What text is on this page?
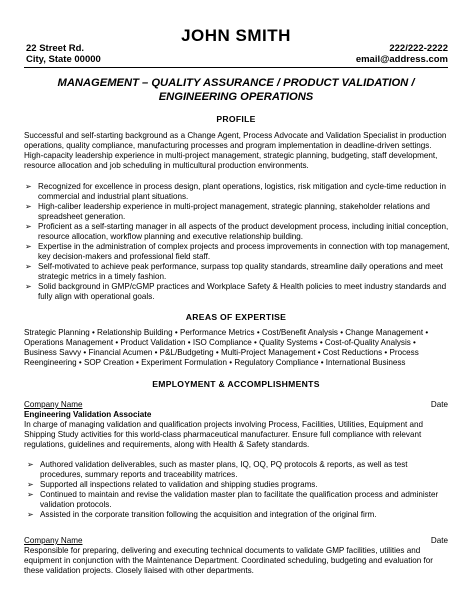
JOHN SMITH
22 Street Rd.
City, State 00000
222/222-2222
email@address.com
MANAGEMENT – QUALITY ASSURANCE / PRODUCT VALIDATION /
ENGINEERING OPERATIONS
PROFILE
Successful and self-starting background as a Change Agent, Process Advocate and Validation Specialist in production operations, quality compliance, manufacturing processes and program implementation in deadline-driven settings. High-capacity leadership experience in multi-project management, strategic planning, budgeting, staff development, resource allocation and job scheduling in multicultural production environments.
➢ Recognized for excellence in process design, plant operations, logistics, risk mitigation and cycle-time reduction in commercial and industrial plant situations.
➢ High-caliber leadership experience in multi-project management, strategic planning, stakeholder relations and spreadsheet generation.
➢ Proficient as a self-starting manager in all aspects of the product development process, including initial conception, resource allocation, workflow planning and executive relationship building.
➢ Expertise in the administration of complex projects and process improvements in connection with top management, key decision-makers and professional field staff.
➢ Self-motivated to achieve peak performance, surpass top quality standards, streamline daily operations and meet strategic metrics in a timely fashion.
➢ Solid background in GMP/cGMP practices and Workplace Safety & Health policies to meet industry standards and fully align with operational goals.
AREAS OF EXPERTISE
Strategic Planning • Relationship Building • Performance Metrics • Cost/Benefit Analysis • Change Management •
Operations Management • Product Validation • ISO Compliance • Quality Systems • Cost-of-Quality Analysis •
Business Savvy • Financial Acumen • P&L/Budgeting • Multi-Project Management • Cost Reductions • Process
Reengineering • SOP Creation • Experiment Formulation • Regulatory Compliance • International Business
EMPLOYMENT & ACCOMPLISHMENTS
Company Name	Date
Engineering Validation Associate
In charge of managing validation and qualification projects involving Process, Facilities, Utilities, Equipment and Shipping Study activities for this world-class pharmaceutical manufacturer. Ensure full compliance with relevant regulations, guidelines and requirements, along with Health & Safety standards.
➢ Authored validation deliverables, such as master plans, IQ, OQ, PQ protocols & reports, as well as test procedures, summary reports and traceability matrices.
➢ Supported all inspections related to validation and shipping studies programs.
➢ Continued to maintain and revise the validation master plan to facilitate the qualification process and administer validation protocols.
➢ Assisted in the corporate transition following the acquisition and integration of the original firm.
Company Name	Date
Responsible for preparing, delivering and executing technical documents to validate GMP facilities, utilities and equipment in conjunction with the Maintenance Department. Coordinated scheduling, budgeting and evaluation for these validation projects. Closely liaised with other departments.
